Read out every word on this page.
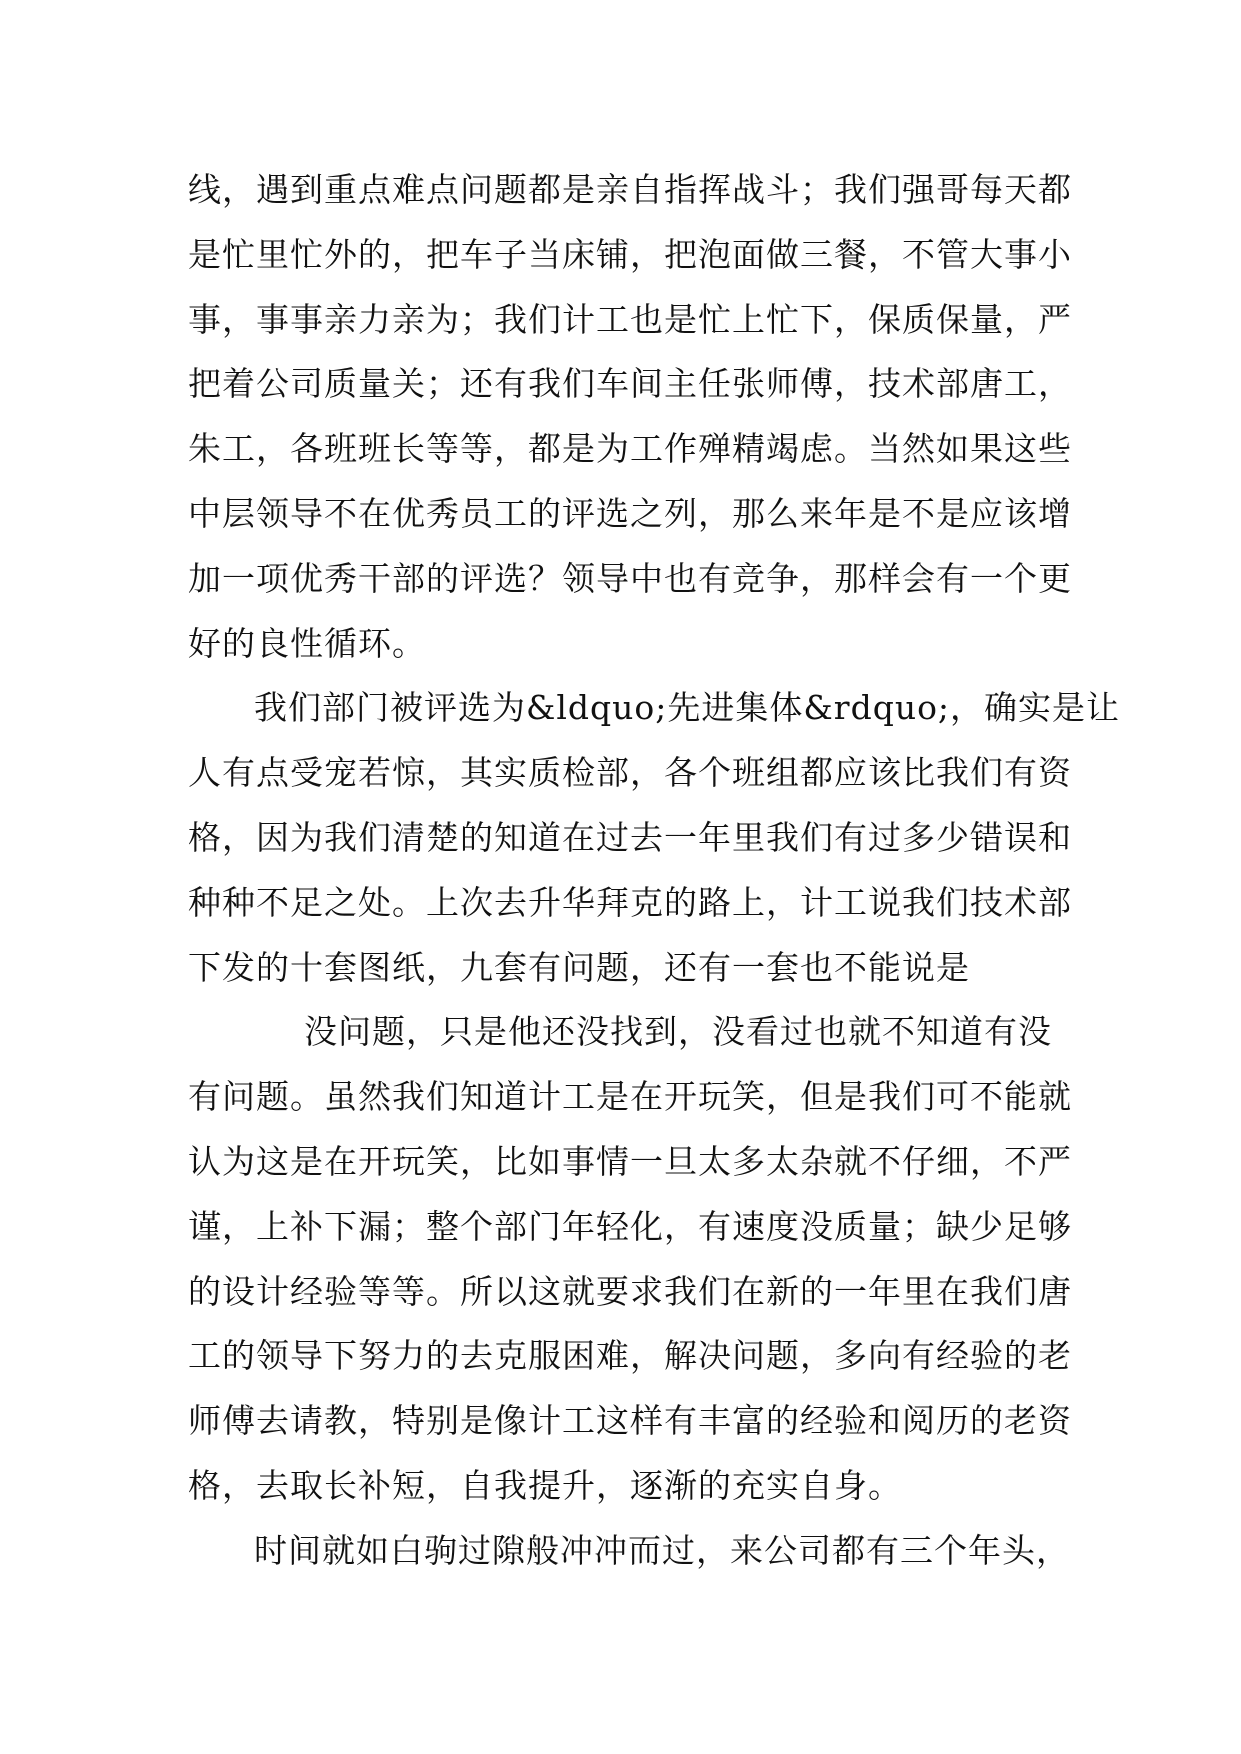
线，遇到重点难点问题都是亲自指挥战斗；我们强哥每天都
是忙里忙外的，把车子当床铺，把泡面做三餐，不管大事小
事，事事亲力亲为；我们计工也是忙上忙下，保质保量，严
把着公司质量关；还有我们车间主任张师傅，技术部唐工，
朱工，各班班长等等，都是为工作殚精竭虑。当然如果这些
中层领导不在优秀员工的评选之列，那么来年是不是应该增
加一项优秀干部的评选？领导中也有竞争，那样会有一个更
好的良性循环。
我们部门被评选为&ldquo;先进集体&rdquo;，确实是让
人有点受宠若惊，其实质检部，各个班组都应该比我们有资
格，因为我们清楚的知道在过去一年里我们有过多少错误和
种种不足之处。上次去升华拜克的路上，计工说我们技术部
下发的十套图纸，九套有问题，还有一套也不能说是
没问题，只是他还没找到，没看过也就不知道有没
有问题。虽然我们知道计工是在开玩笑，但是我们可不能就
认为这是在开玩笑，比如事情一旦太多太杂就不仔细，不严
谨，上补下漏；整个部门年轻化，有速度没质量；缺少足够
的设计经验等等。所以这就要求我们在新的一年里在我们唐
工的领导下努力的去克服困难，解决问题，多向有经验的老
师傅去请教，特别是像计工这样有丰富的经验和阅历的老资
格，去取长补短，自我提升，逐渐的充实自身。
时间就如白驹过隙般冲冲而过，来公司都有三个年头，
